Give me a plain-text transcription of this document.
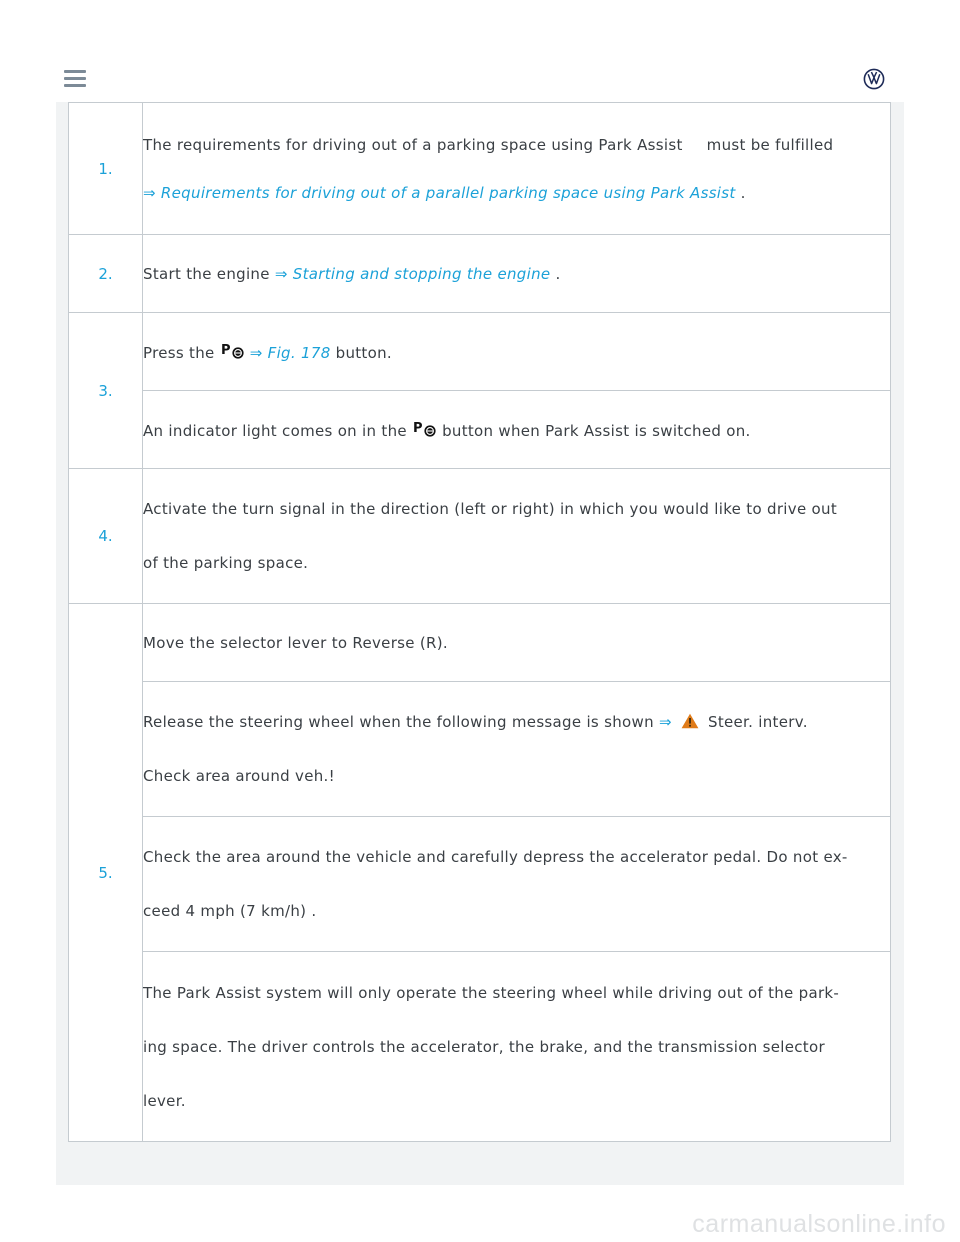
1.	The requirements for driving out of a parking space using Park Assist must be fulfilled
⇒ Requirements for driving out of a parallel parking space using Park Assist .

2.	Start the engine ⇒ Starting and stopping the engine .

3.	Press the P ⇒ Fig. 178 button.

	An indicator light comes on in the P button when Park Assist is switched on.

4.	Activate the turn signal in the direction (left or right) in which you would like to drive out
of the parking space.

5.	Move the selector lever to Reverse (R).

	Release the steering wheel when the following message is shown ⇒ Steer. interv.
Check area around veh.!

	Check the area around the vehicle and carefully depress the accelerator pedal. Do not ex-
ceed 4 mph (7 km/h) .

	The Park Assist system will only operate the steering wheel while driving out of the park-
ing space. The driver controls the accelerator, the brake, and the transmission selector
lever.
carmanualsonline.info
